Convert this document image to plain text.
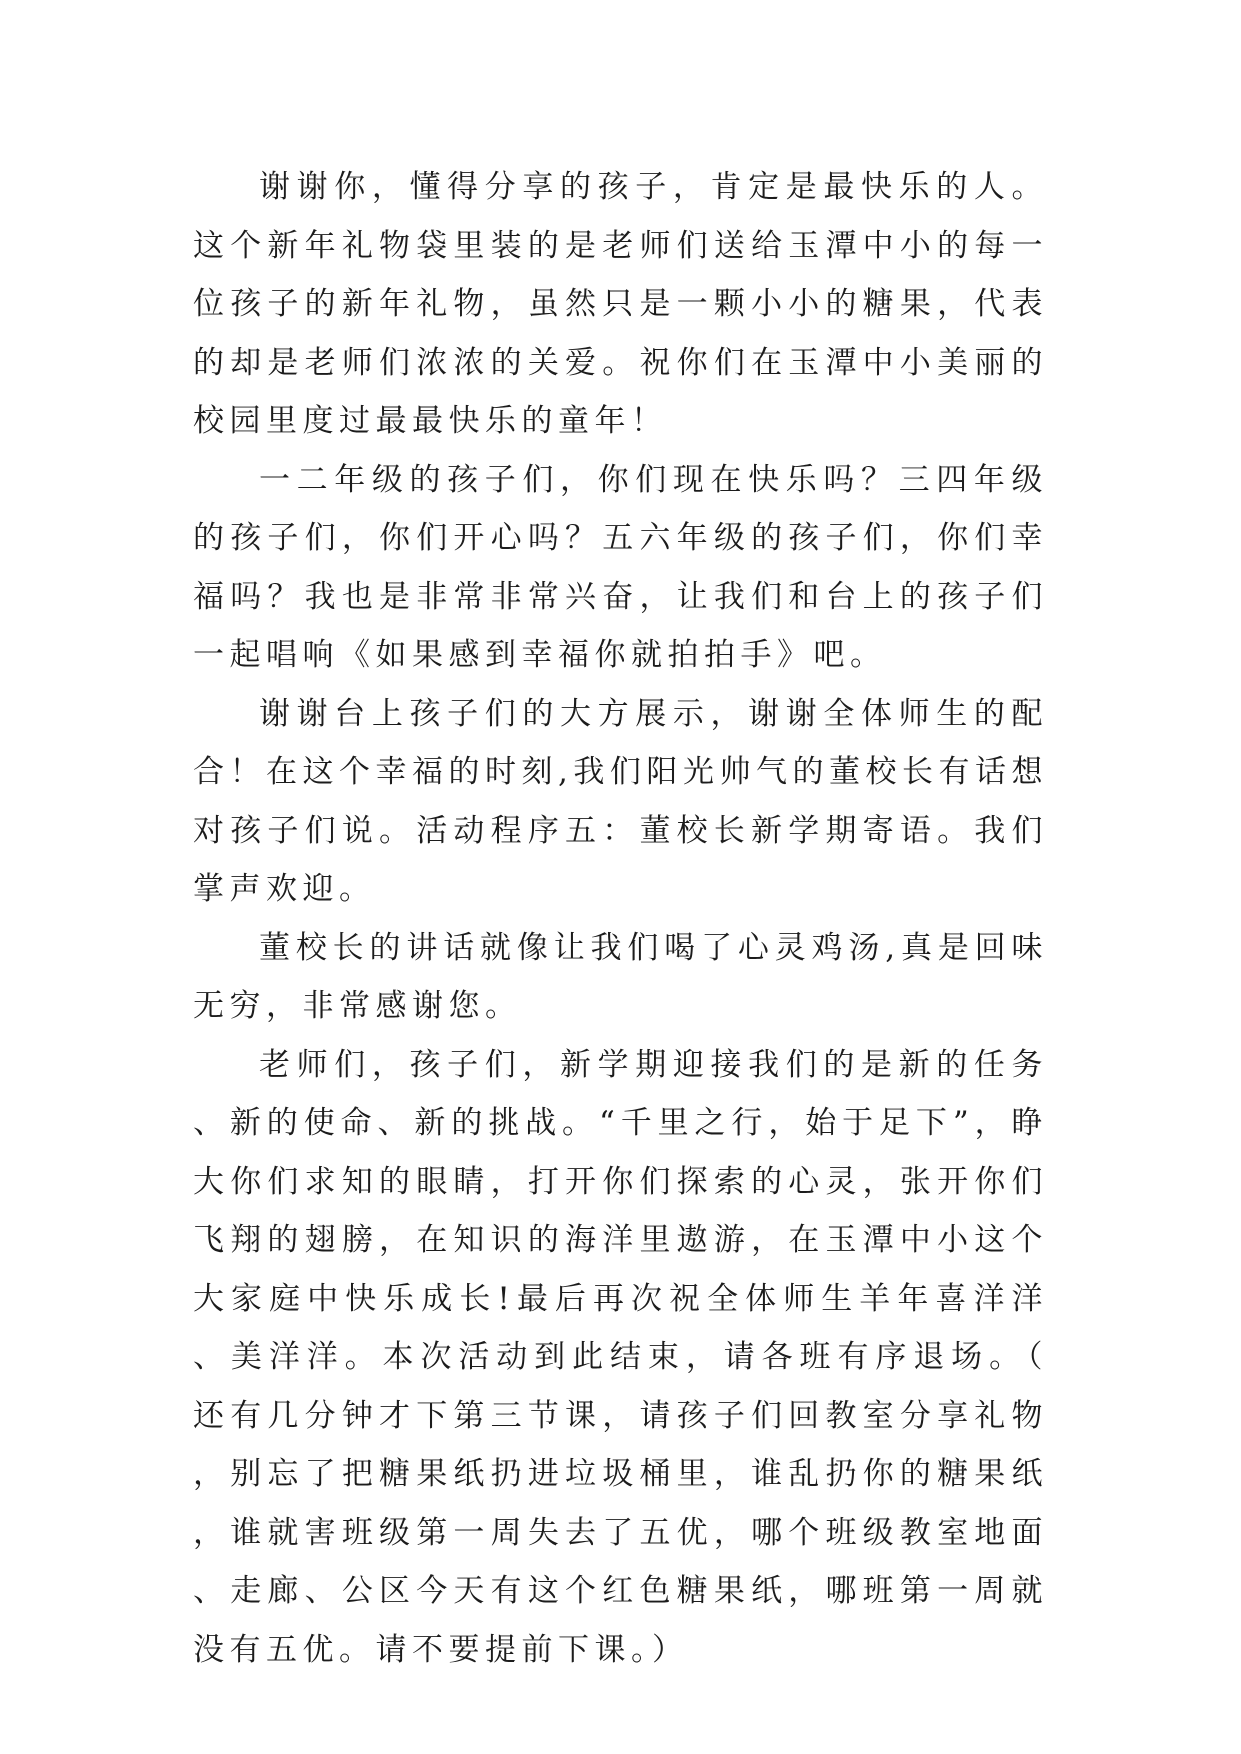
谢谢你，懂得分享的孩子，肯定是最快乐的人。这个新年礼物袋里装的是老师们送给玉潭中小的每一位孩子的新年礼物，虽然只是一颗小小的糖果，代表的却是老师们浓浓的关爱。祝你们在玉潭中小美丽的校园里度过最最快乐的童年！

一二年级的孩子们，你们现在快乐吗？三四年级的孩子们，你们开心吗？五六年级的孩子们，你们幸福吗？我也是非常非常兴奋，让我们和台上的孩子们一起唱响《如果感到幸福你就拍拍手》吧。

谢谢台上孩子们的大方展示，谢谢全体师生的配合！在这个幸福的时刻,我们阳光帅气的董校长有话想对孩子们说。活动程序五：董校长新学期寄语。我们掌声欢迎。

董校长的讲话就像让我们喝了心灵鸡汤,真是回味无穷，非常感谢您。

老师们，孩子们，新学期迎接我们的是新的任务、新的使命、新的挑战。“千里之行，始于足下”，睁大你们求知的眼睛，打开你们探索的心灵，张开你们飞翔的翅膀，在知识的海洋里遨游，在玉潭中小这个大家庭中快乐成长!最后再次祝全体师生羊年喜洋洋、美洋洋。本次活动到此结束，请各班有序退场。（还有几分钟才下第三节课，请孩子们回教室分享礼物，别忘了把糖果纸扔进垃圾桶里，谁乱扔你的糖果纸，谁就害班级第一周失去了五优，哪个班级教室地面、走廊、公区今天有这个红色糖果纸，哪班第一周就没有五优。请不要提前下课。）
